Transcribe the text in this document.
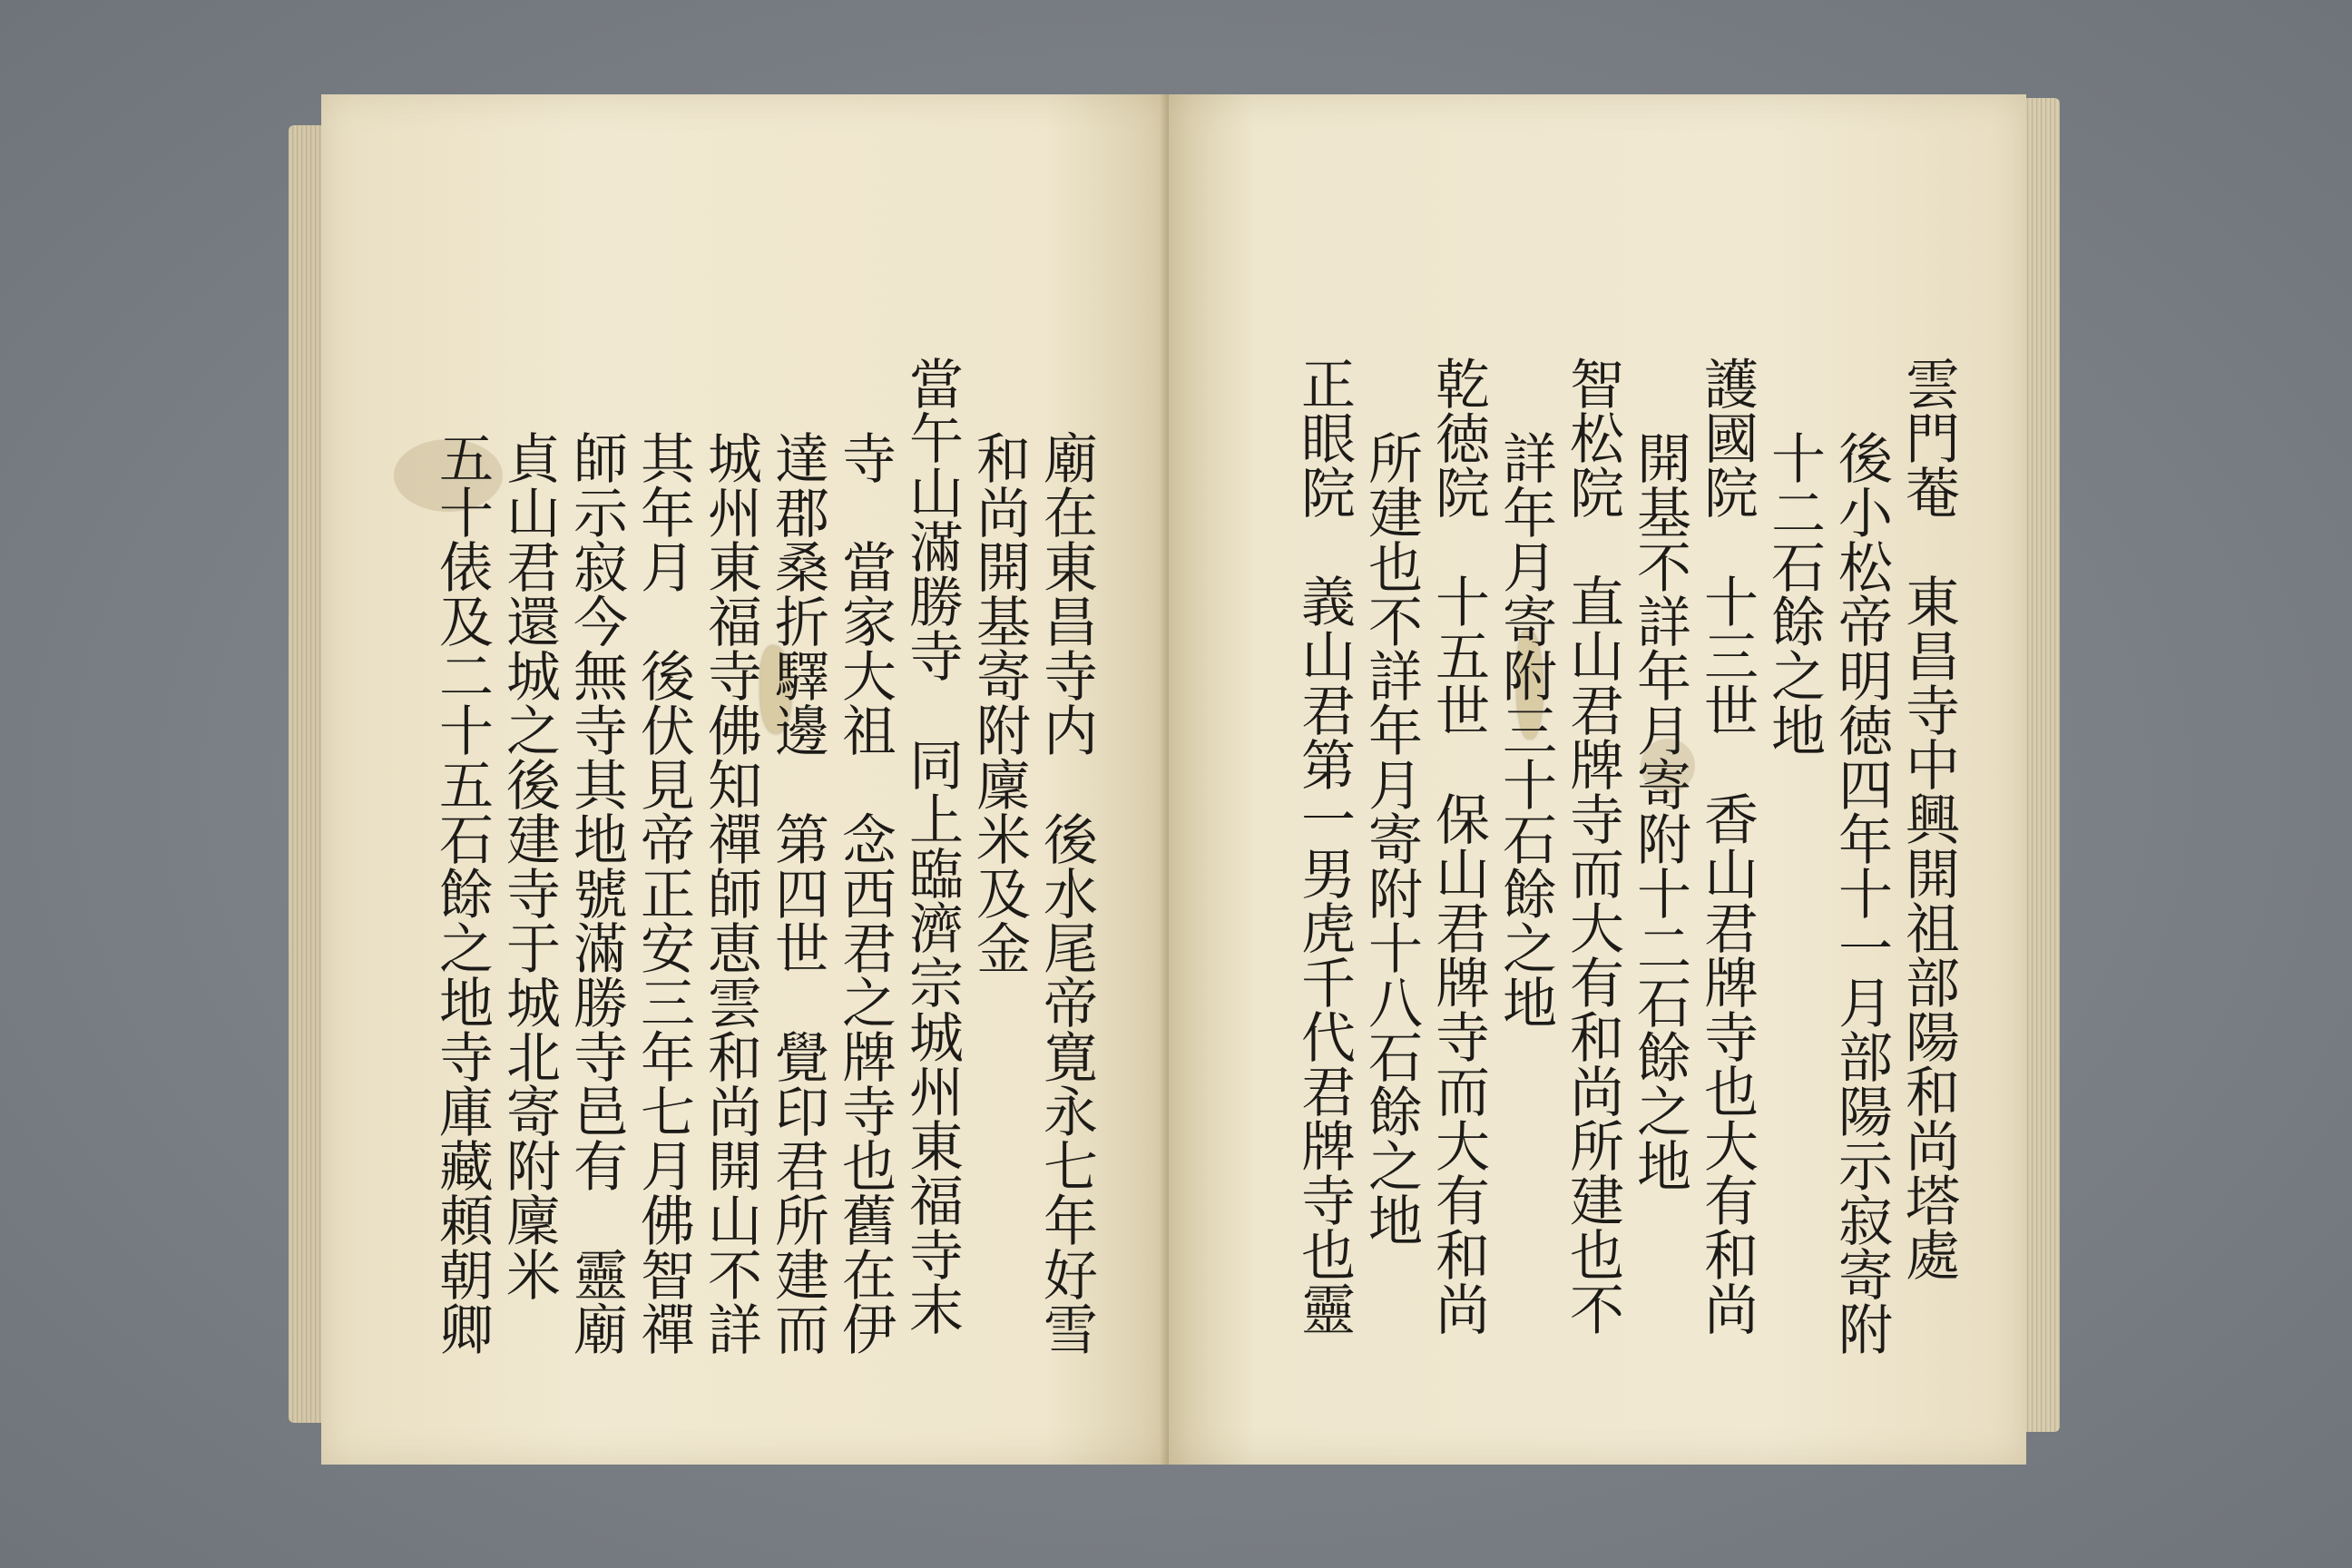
廟在東昌寺内　後水尾帝寛永七年好雪
和尚開基寄附廩米及金
當午山滿勝寺　同上臨濟宗城州東福寺末
寺　當家大祖　念西君之牌寺也舊在伊
達郡桑折驛邊　第四世　覺印君所建而
城州東福寺佛知禪師恵雲和尚開山不詳
其年月　後伏見帝正安三年七月佛智禪
師示寂今無寺其地號滿勝寺邑有　靈廟
貞山君還城之後建寺于城北寄附廩米
五十俵及二十五石餘之地寺庫藏頼朝卿	雲門菴　東昌寺中興開祖部陽和尚塔處
後小松帝明徳四年十一月部陽示寂寄附
十二石餘之地
護國院　十三世　香山君牌寺也大有和尚
開基不詳年月寄附十二石餘之地
智松院　直山君牌寺而大有和尚所建也不
詳年月寄附三十石餘之地
乾徳院　十五世　保山君牌寺而大有和尚
所建也不詳年月寄附十八石餘之地
正眼院　義山君第一男虎千代君牌寺也靈
